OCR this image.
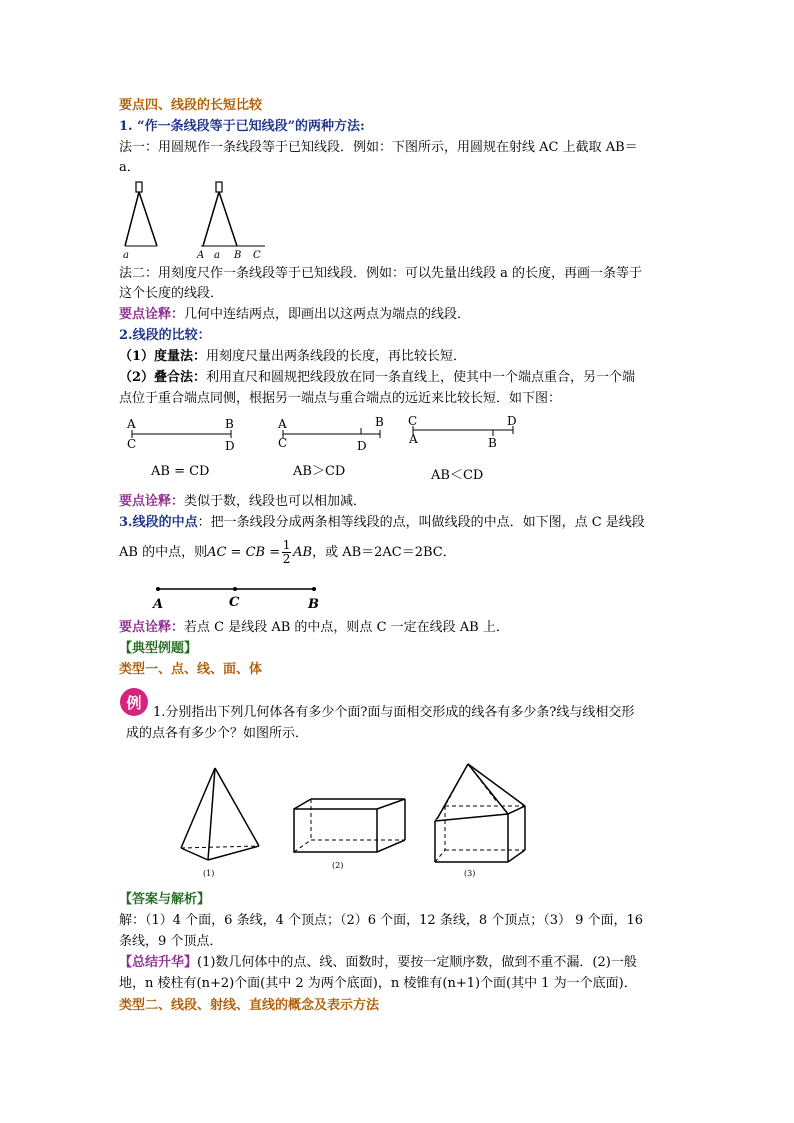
要点四、线段的长短比较
1. “作一条线段等于已知线段”的两种方法:
法一：用圆规作一条线段等于已知线段．例如：下图所示，用圆规在射线 AC 上截取 AB＝
a．
a	A a B C
法二：用刻度尺作一条线段等于已知线段．例如：可以先量出线段 a 的长度，再画一条等于
这个长度的线段．
要点诠释：几何中连结两点，即画出以这两点为端点的线段．
2.线段的比较：
（1）度量法：用刻度尺量出两条线段的长度，再比较长短．
（2）叠合法：利用直尺和圆规把线段放在同一条直线上，使其中一个端点重合，另一个端
点位于重合端点同侧，根据另一端点与重合端点的远近来比较长短．如下图：
A	B
C	D
AB = CD
A	B
C	D
AB＞CD
C	D
A	B
AB＜CD
要点诠释：类似于数，线段也可以相加减．
3.线段的中点：把一条线段分成两条相等线段的点，叫做线段的中点．如下图，点 C 是线段
AB 的中点，则 AC = CB = 1
2 AB ，或 AB＝2AC＝2BC．
A	C	B
要点诠释：若点 C 是线段 AB 的中点，则点 C 一定在线段 AB 上．
【典型例题】
类型一、点、线、面、体
例
1.分别指出下列几何体各有多少个面?面与面相交形成的线各有多少条?线与线相交形
成的点各有多少个？如图所示．
(1)
(2)
(3)
【答案与解析】
解：（1）4 个面，6 条线，4 个顶点；（2）6 个面，12 条线，8 个顶点；（3） 9 个面，16
条线，9 个顶点．
【总结升华】(1)数几何体中的点、线、面数时，要按一定顺序数，做到不重不漏．(2)一般
地，n 棱柱有(n+2)个面(其中 2 为两个底面)，n 棱锥有(n+1)个面(其中 1 为一个底面)．
类型二、线段、射线、直线的概念及表示方法
